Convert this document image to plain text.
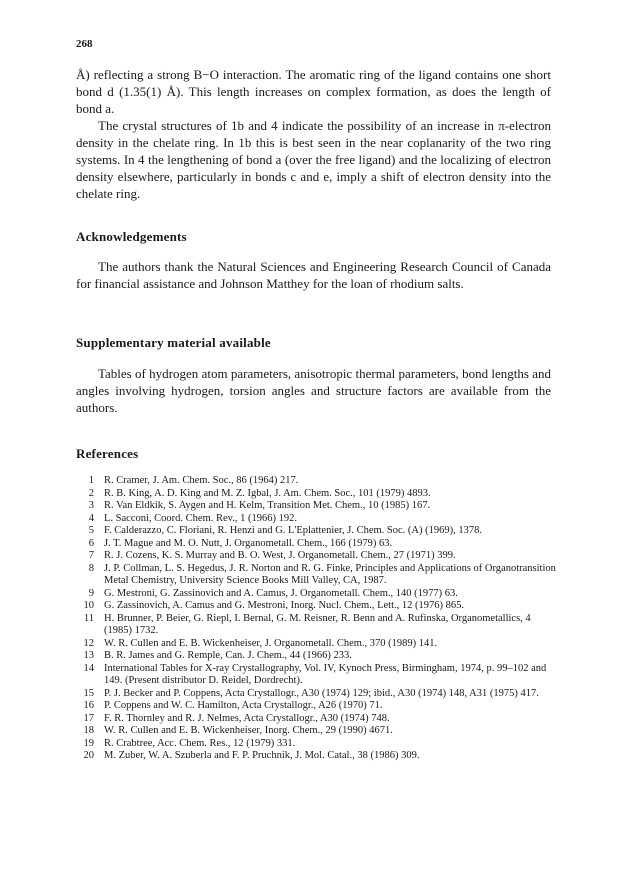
268

Å) reflecting a strong B−O interaction. The aromatic ring of the ligand contains one short bond d (1.35(1) Å). This length increases on complex formation, as does the length of bond a.

The crystal structures of 1b and 4 indicate the possibility of an increase in π-electron density in the chelate ring. In 1b this is best seen in the near coplanarity of the two ring systems. In 4 the lengthening of bond a (over the free ligand) and the localizing of electron density elsewhere, particularly in bonds c and e, imply a shift of electron density into the chelate ring.

Acknowledgements

The authors thank the Natural Sciences and Engineering Research Council of Canada for financial assistance and Johnson Matthey for the loan of rhodium salts.

Supplementary material available

Tables of hydrogen atom parameters, anisotropic thermal parameters, bond lengths and angles involving hydrogen, torsion angles and structure factors are available from the authors.

References
1 R. Cramer, J. Am. Chem. Soc., 86 (1964) 217.
2 R. B. King, A. D. King and M. Z. Igbal, J. Am. Chem. Soc., 101 (1979) 4893.
3 R. Van Eldkik, S. Aygen and H. Kelm, Transition Met. Chem., 10 (1985) 167.
4 L. Sacconi, Coord. Chem. Rev., 1 (1966) 192.
5 F. Calderazzo, C. Floriani, R. Henzi and G. L'Eplattenier, J. Chem. Soc. (A) (1969), 1378.
6 J. T. Mague and M. O. Nutt, J. Organometall. Chem., 166 (1979) 63.
7 R. J. Cozens, K. S. Murray and B. O. West, J. Organometall. Chem., 27 (1971) 399.
8 J. P. Collman, L. S. Hegedus, J. R. Norton and R. G. Finke, Principles and Applications of Organotransition Metal Chemistry, University Science Books Mill Valley, CA, 1987.
9 G. Mestroni, G. Zassinovich and A. Camus, J. Organometall. Chem., 140 (1977) 63.
10 G. Zassinovich, A. Camus and G. Mestroni, Inorg. Nucl. Chem., Lett., 12 (1976) 865.
11 H. Brunner, P. Beier, G. Riepl, I. Bernal, G. M. Reisner, R. Benn and A. Rufinska, Organometallics, 4 (1985) 1732.
12 W. R. Cullen and E. B. Wickenheiser, J. Organometall. Chem., 370 (1989) 141.
13 B. R. James and G. Remple, Can. J. Chem., 44 (1966) 233.
14 International Tables for X-ray Crystallography, Vol. IV, Kynoch Press, Birmingham, 1974, p. 99–102 and 149. (Present distributor D. Reidel, Dordrecht).
15 P. J. Becker and P. Coppens, Acta Crystallogr., A30 (1974) 129; ibid., A30 (1974) 148, A31 (1975) 417.
16 P. Coppens and W. C. Hamilton, Acta Crystallogr., A26 (1970) 71.
17 F. R. Thornley and R. J. Nelmes, Acta Crystallogr., A30 (1974) 748.
18 W. R. Cullen and E. B. Wickenheiser, Inorg. Chem., 29 (1990) 4671.
19 R. Crabtree, Acc. Chem. Res., 12 (1979) 331.
20 M. Zuber, W. A. Szuberla and F. P. Pruchnik, J. Mol. Catal., 38 (1986) 309.
